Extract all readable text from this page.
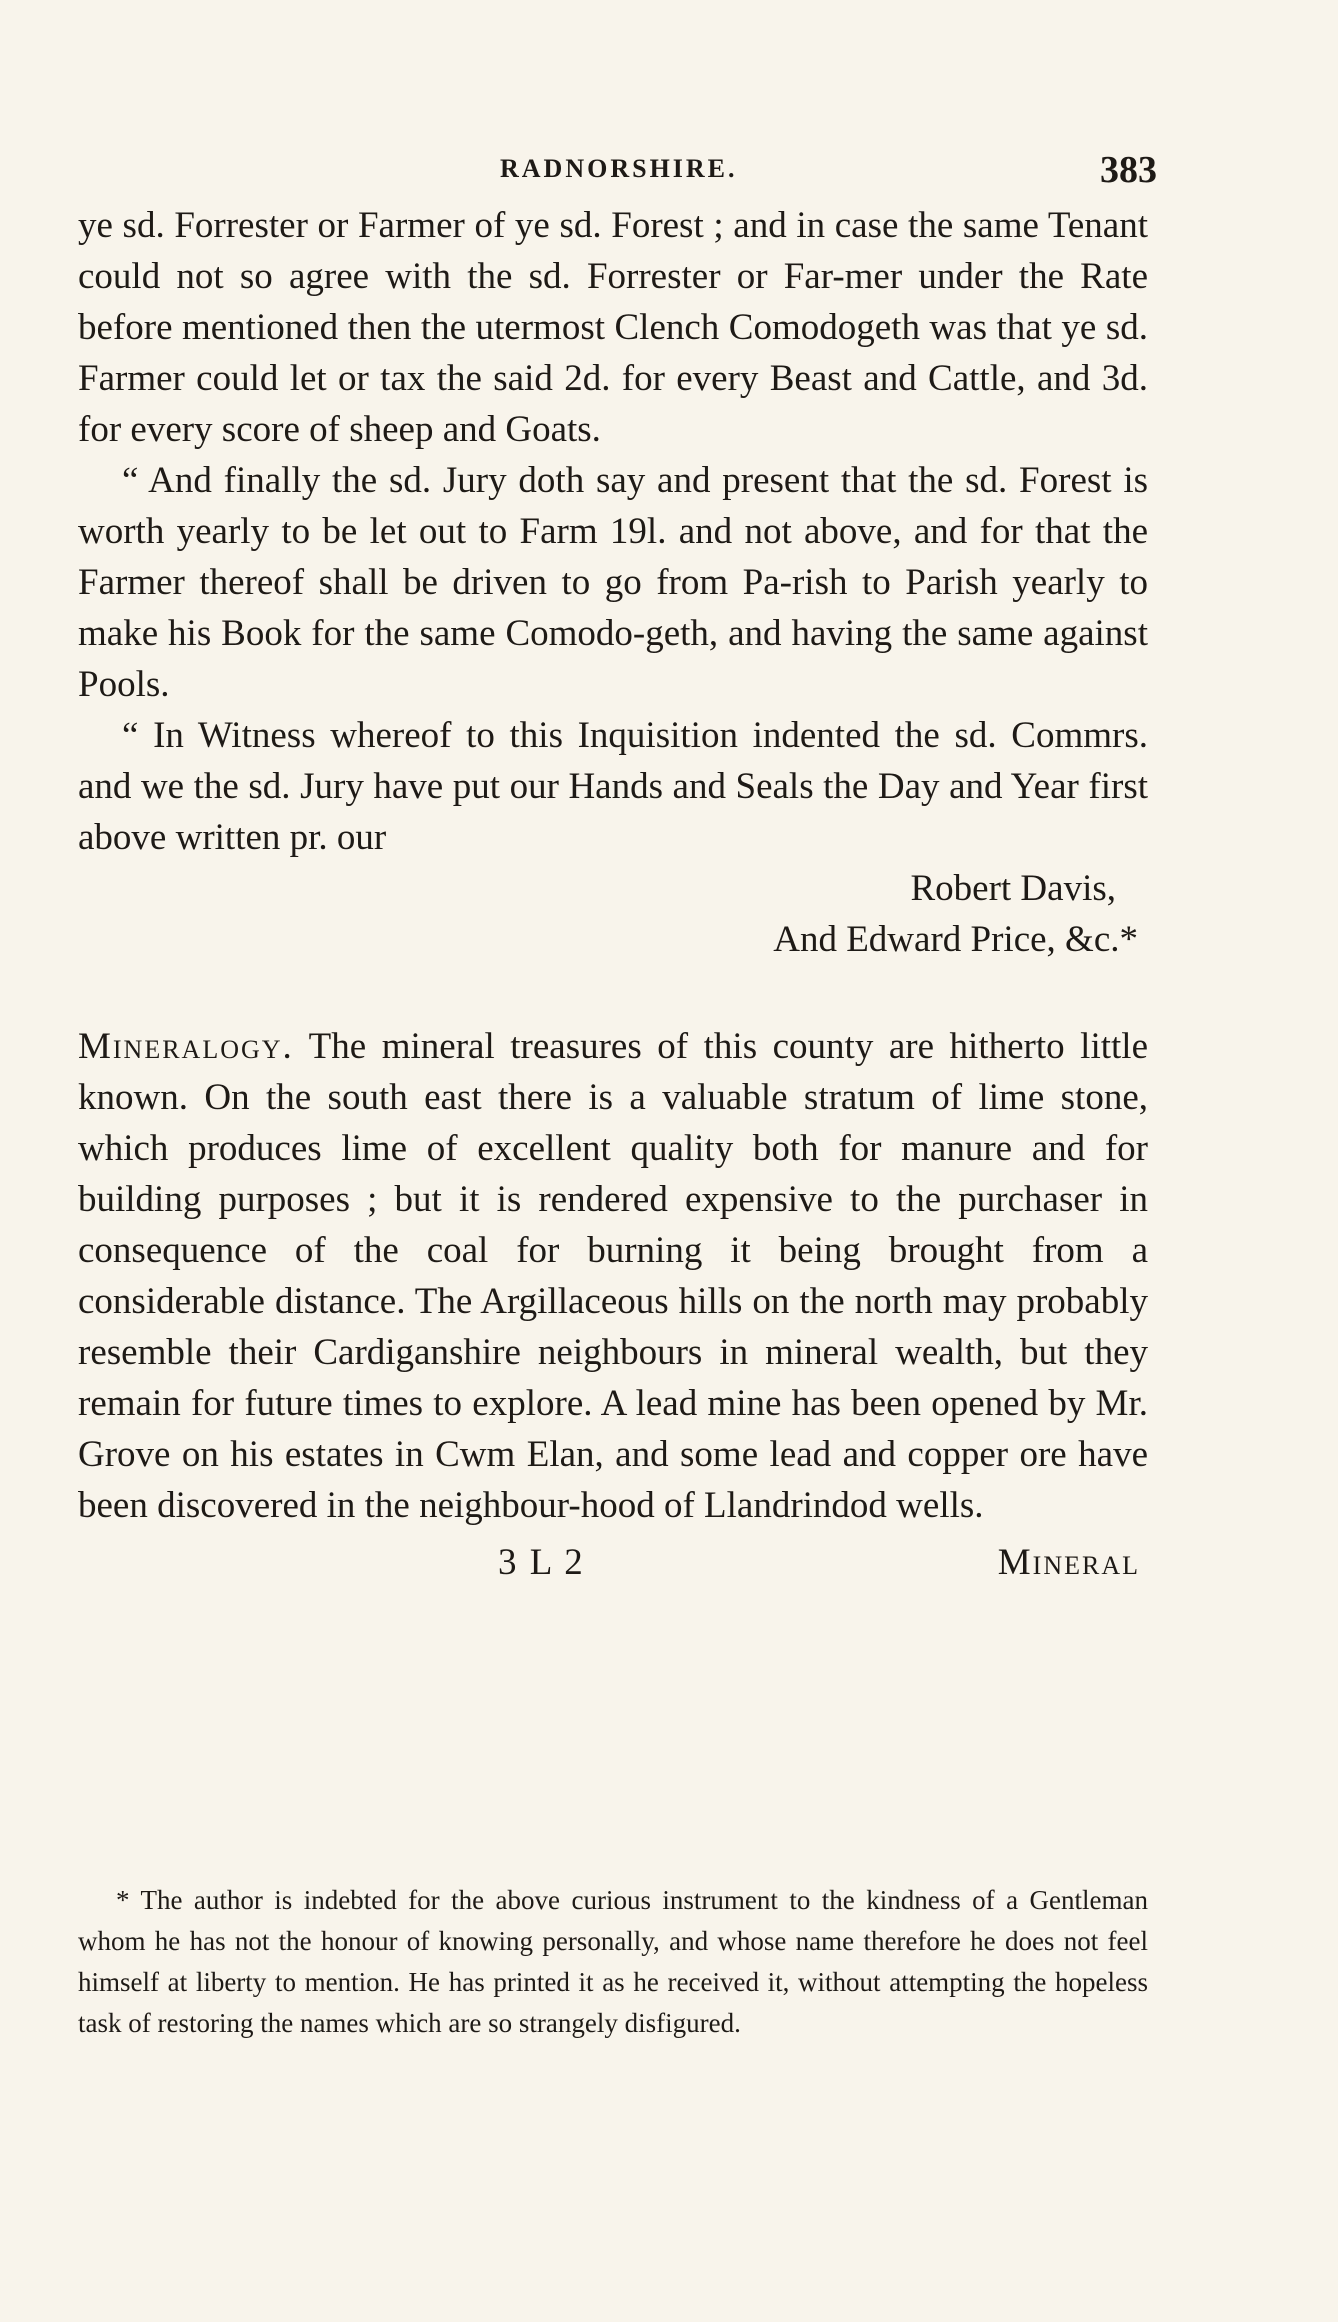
RADNORSHIRE.	383

ye sd. Forrester or Farmer of ye sd. Forest ; and in case the same Tenant could not so agree with the sd. Forrester or Far-mer under the Rate before mentioned then the utermost Clench Comodogeth was that ye sd. Farmer could let or tax the said 2d. for every Beast and Cattle, and 3d. for every score of sheep and Goats.

“ And finally the sd. Jury doth say and present that the sd. Forest is worth yearly to be let out to Farm 19l. and not above, and for that the Farmer thereof shall be driven to go from Pa-rish to Parish yearly to make his Book for the same Comodo-geth, and having the same against Pools.

“ In Witness whereof to this Inquisition indented the sd. Commrs. and we the sd. Jury have put our Hands and Seals the Day and Year first above written pr. our

Robert Davis,

And Edward Price, &c.*

Mineralogy. The mineral treasures of this county are hitherto little known. On the south east there is a valuable stratum of lime stone, which produces lime of excellent quality both for manure and for building purposes ; but it is rendered expensive to the purchaser in consequence of the coal for burning it being brought from a considerable distance. The Argillaceous hills on the north may probably resemble their Cardiganshire neighbours in mineral wealth, but they remain for future times to explore. A lead mine has been opened by Mr. Grove on his estates in Cwm Elan, and some lead and copper ore have been discovered in the neighbour-hood of Llandrindod wells.

3 L 2	Mineral

* The author is indebted for the above curious instrument to the kindness of a Gentleman whom he has not the honour of knowing personally, and whose name therefore he does not feel himself at liberty to mention. He has printed it as he received it, without attempting the hopeless task of restoring the names which are so strangely disfigured.
